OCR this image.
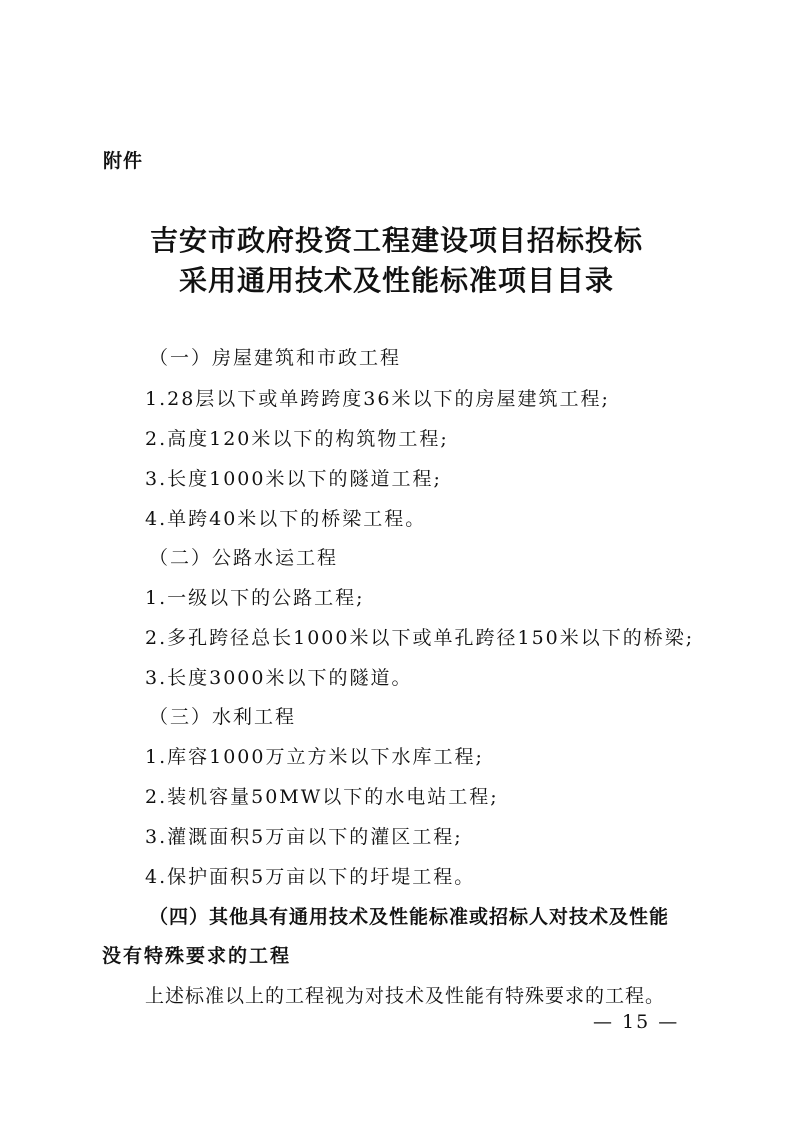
附件
吉安市政府投资工程建设项目招标投标
采用通用技术及性能标准项目目录
（一）房屋建筑和市政工程
1.28层以下或单跨跨度36米以下的房屋建筑工程;
2.高度120米以下的构筑物工程;
3.长度1000米以下的隧道工程;
4.单跨40米以下的桥梁工程。
（二）公路水运工程
1.一级以下的公路工程;
2.多孔跨径总长1000米以下或单孔跨径150米以下的桥梁;
3.长度3000米以下的隧道。
（三）水利工程
1.库容1000万立方米以下水库工程;
2.装机容量50MW以下的水电站工程;
3.灌溉面积5万亩以下的灌区工程;
4.保护面积5万亩以下的圩堤工程。
（四）其他具有通用技术及性能标准或招标人对技术及性能
没有特殊要求的工程
上述标准以上的工程视为对技术及性能有特殊要求的工程。
— 15 —
